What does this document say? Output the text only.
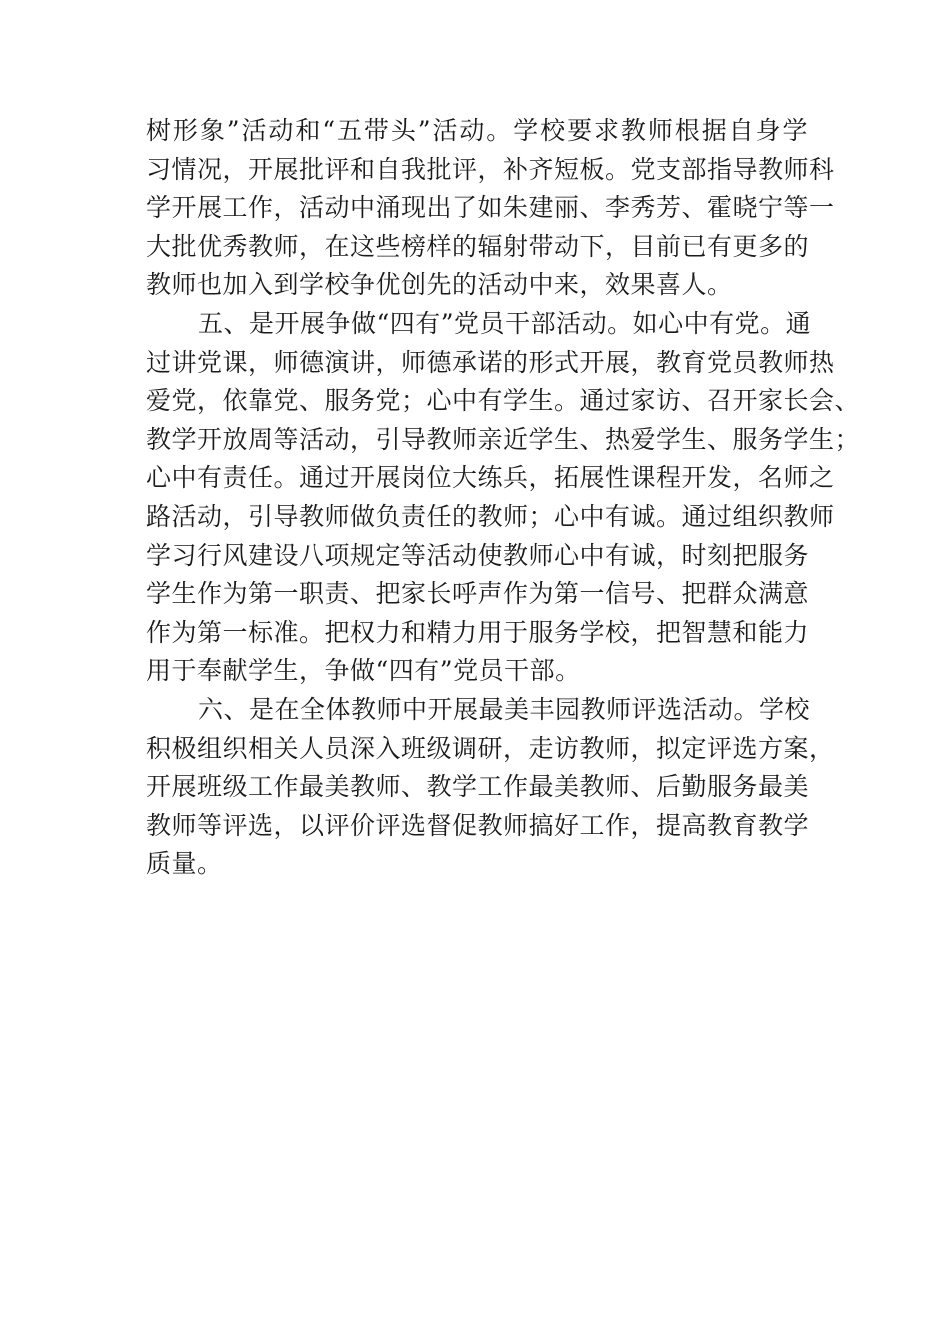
树形象”活动和“五带头”活动。学校要求教师根据自身学
习情况，开展批评和自我批评，补齐短板。党支部指导教师科
学开展工作，活动中涌现出了如朱建丽、李秀芳、霍晓宁等一
大批优秀教师，在这些榜样的辐射带动下，目前已有更多的
教师也加入到学校争优创先的活动中来，效果喜人。
五、是开展争做“四有”党员干部活动。如心中有党。通
过讲党课，师德演讲，师德承诺的形式开展，教育党员教师热
爱党，依靠党、服务党；心中有学生。通过家访、召开家长会、
教学开放周等活动，引导教师亲近学生、热爱学生、服务学生；
心中有责任。通过开展岗位大练兵，拓展性课程开发，名师之
路活动，引导教师做负责任的教师；心中有诚。通过组织教师
学习行风建设八项规定等活动使教师心中有诚，时刻把服务
学生作为第一职责、把家长呼声作为第一信号、把群众满意
作为第一标准。把权力和精力用于服务学校，把智慧和能力
用于奉献学生，争做“四有”党员干部。
六、是在全体教师中开展最美丰园教师评选活动。学校
积极组织相关人员深入班级调研，走访教师，拟定评选方案，
开展班级工作最美教师、教学工作最美教师、后勤服务最美
教师等评选，以评价评选督促教师搞好工作，提高教育教学
质量。
